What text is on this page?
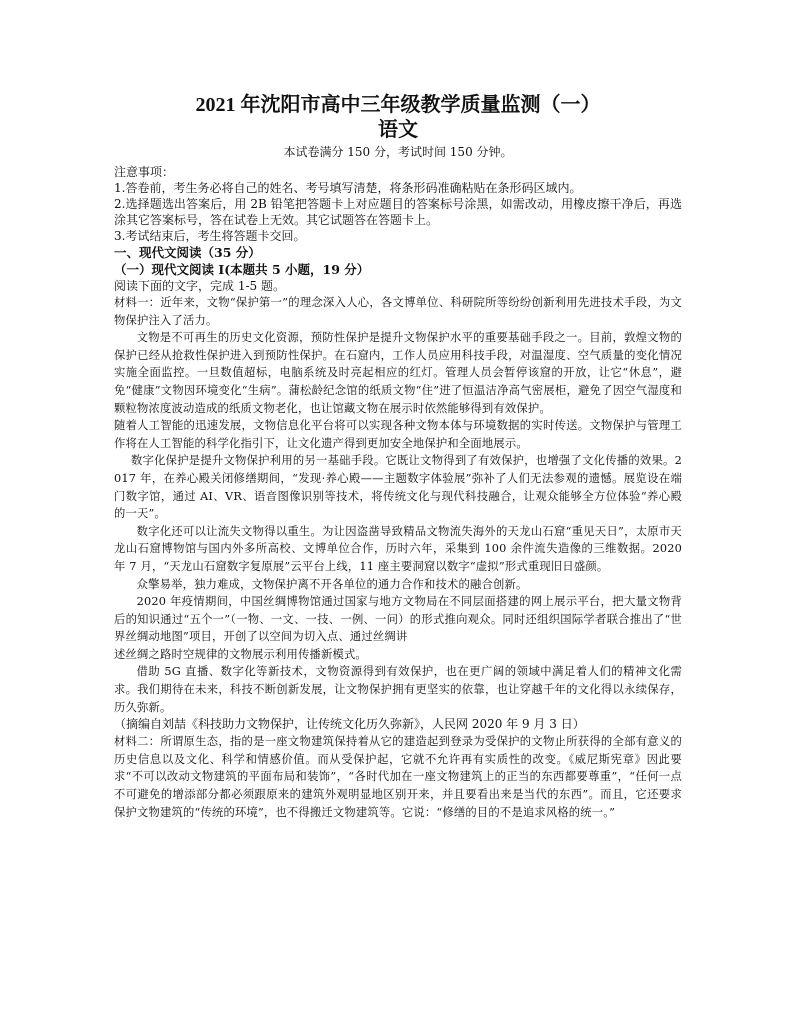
2021 年沈阳市高中三年级教学质量监测（一）
语文

本试卷满分 150 分，考试时间 150 分钟。

注意事项：

1.答卷前，考生务必将自己的姓名、考号填写清楚，将条形码准确粘贴在条形码区域内。

2.选择题选出答案后，用 2B 铅笔把答题卡上对应题目的答案标号涂黑，如需改动，用橡皮擦干净后，再选涂其它答案标号，答在试卷上无效。其它试题答在答题卡上。

3.考试结束后，考生将答题卡交回。

一、现代文阅读（35 分）

（一）现代文阅读 I(本题共 5 小题，19 分）

阅读下面的文字，完成 1-5 题。

材料一：近年来，文物“保护第一”的理念深入人心，各文博单位、科研院所等纷纷创新利用先进技术手段，为文物保护注入了活力。

文物是不可再生的历史文化资源，预防性保护是提升文物保护水平的重要基础手段之一。目前，敦煌文物的保护已经从抢救性保护进入到预防性保护。在石窟内，工作人员应用科技手段，对温湿度、空气质量的变化情况实施全面监控。一旦数值超标，电脑系统及时亮起相应的红灯。管理人员会暂停该窟的开放，让它“休息”，避免“健康”文物因环境变化“生病”。蒲松龄纪念馆的纸质文物“住”进了恒温洁净高气密展柜，避免了因空气湿度和颗粒物浓度波动造成的纸质文物老化，也让馆藏文物在展示时依然能够得到有效保护。

随着人工智能的迅速发展，文物信息化平台将可以实现各种文物本体与环境数据的实时传送。文物保护与管理工作将在人工智能的科学化指引下，让文化遗产得到更加安全地保护和全面地展示。

数字化保护是提升文物保护利用的另一基础手段。它既让文物得到了有效保护，也增强了文化传播的效果。2017 年，在养心殿关闭修缮期间，“发现·养心殿——主题数字体验展”弥补了人们无法参观的遗憾。展览设在端门数字馆，通过 AI、VR、语音图像识别等技术，将传统文化与现代科技融合，让观众能够全方位体验“养心殿的一天”。

数字化还可以让流失文物得以重生。为让因盗凿导致精品文物流失海外的天龙山石窟“重见天日”，太原市天龙山石窟博物馆与国内外多所高校、文博单位合作，历时六年，采集到 100 余件流失造像的三维数据。2020 年 7 月，“天龙山石窟数字复原展”云平台上线，11 座主要洞窟以数字“虚拟”形式重现旧日盛颜。

众擎易举，独力难成，文物保护离不开各单位的通力合作和技术的融合创新。

2020 年疫情期间，中国丝绸博物馆通过国家与地方文物局在不同层面搭建的网上展示平台，把大量文物背后的知识通过“五个一”（一物、一文、一技、一例、一问）的形式推向观众。同时还组织国际学者联合推出了“世界丝绸动地图”项目，开创了以空间为切入点、通过丝绸讲

述丝绸之路时空规律的文物展示利用传播新模式。

借助 5G 直播、数字化等新技术，文物资源得到有效保护，也在更广阔的领域中满足着人们的精神文化需求。我们期待在未来，科技不断创新发展，让文物保护拥有更坚实的依靠，也让穿越千年的文化得以永续保存，历久弥新。

（摘编自刘喆《科技助力文物保护，让传统文化历久弥新》，人民网 2020 年 9 月 3 日）

材料二：所谓原生态，指的是一座文物建筑保持着从它的建造起到登录为受保护的文物止所获得的全部有意义的历史信息以及文化、科学和情感价值。而从受保护起，它就不允许再有实质性的改变。《威尼斯宪章》因此要求“不可以改动文物建筑的平面布局和装饰”，“各时代加在一座文物建筑上的正当的东西都要尊重”，“任何一点不可避免的增添部分都必须跟原来的建筑外观明显地区别开来，并且要看出来是当代的东西”。而且，它还要求保护文物建筑的“传统的环境”，也不得搬迁文物建筑等。它说：“修缮的目的不是追求风格的统一。”
